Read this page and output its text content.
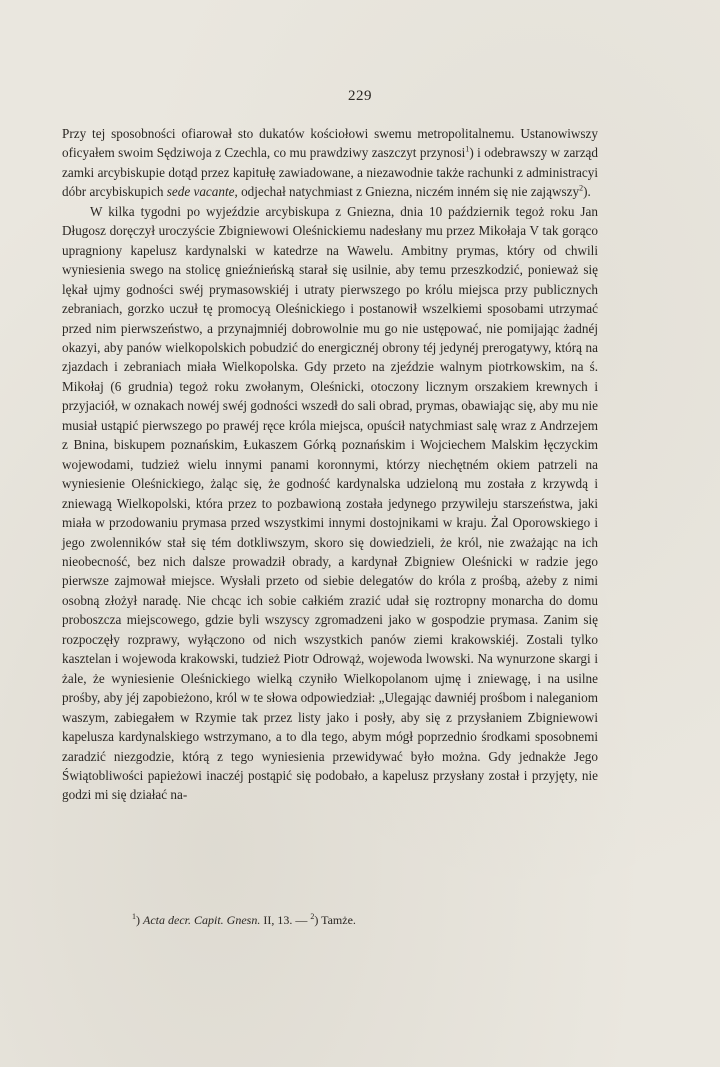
229

Przy tej sposobności ofiarował sto dukatów kościołowi swemu metropolitalnemu. Ustanowiwszy oficyałem swoim Sędziwoja z Czechla, co mu prawdziwy zaszczyt przynosi$^1$) i odebrawszy w zarząd zamki arcybiskupie dotąd przez kapitułę zawiadowane, a niezawodnie także rachunki z administracyi dóbr arcybiskupich sede vacante, odjechał natychmiast z Gniezna, niczém inném się nie zająwszy$^2$).

W kilka tygodni po wyjeździe arcybiskupa z Gniezna, dnia 10 październik tegoż roku Jan Długosz doręczył uroczyście Zbigniewowi Oleśnickiemu nadesłany mu przez Mikołaja V tak gorąco upragniony kapelusz kardynalski w katedrze na Wawelu. Ambitny prymas, który od chwili wyniesienia swego na stolicę gnieźnieńską starał się usilnie, aby temu przeszkodzić, ponieważ się lękał ujmy godności swéj prymasowskiéj i utraty pierwszego po królu miejsca przy publicznych zebraniach, gorzko uczuł tę promocyą Oleśnickiego i postanowił wszelkiemi sposobami utrzymać przed nim pierwszeństwo, a przynajmniéj dobrowolnie mu go nie ustępować, nie pomijając żadnéj okazyi, aby panów wielkopolskich pobudzić do energicznéj obrony téj jedynéj prerogatywy, którą na zjazdach i zebraniach miała Wielkopolska. Gdy przeto na zjeździe walnym piotrkowskim, na ś. Mikołaj (6 grudnia) tegoż roku zwołanym, Oleśnicki, otoczony licznym orszakiem krewnych i przyjaciół, w oznakach nowéj swéj godności wszedł do sali obrad, prymas, obawiając się, aby mu nie musiał ustąpić pierwszego po prawéj ręce króla miejsca, opuścił natychmiast salę wraz z Andrzejem z Bnina, biskupem poznańskim, Łukaszem Górką poznańskim i Wojciechem Malskim łęczyckim wojewodami, tudzież wielu innymi panami koronnymi, którzy niechętném okiem patrzeli na wyniesienie Oleśnickiego, żaląc się, że godność kardynalska udzieloną mu została z krzywdą i zniewagą Wielkopolski, która przez to pozbawioną została jedynego przywileju starszeństwa, jaki miała w przodowaniu prymasa przed wszystkimi innymi dostojnikami w kraju. Żal Oporowskiego i jego zwolenników stał się tém dotkliwszym, skoro się dowiedzieli, że król, nie zważając na ich nieobecność, bez nich dalsze prowadził obrady, a kardynał Zbigniew Oleśnicki w radzie jego pierwsze zajmował miejsce. Wysłali przeto od siebie delegatów do króla z prośbą, ażeby z nimi osobną złożył naradę. Nie chcąc ich sobie całkiém zrazić udał się roztropny monarcha do domu proboszcza miejscowego, gdzie byli wszyscy zgromadzeni jako w gospodzie prymasa. Zanim się rozpoczęły rozprawy, wyłączono od nich wszystkich panów ziemi krakowskiéj. Zostali tylko kasztelan i wojewoda krakowski, tudzież Piotr Odrowąż, wojewoda lwowski. Na wynurzone skargi i żale, że wyniesienie Oleśnickiego wielką czyniło Wielkopolanom ujmę i zniewagę, i na usilne prośby, aby jéj zapobieżono, król w te słowa odpowiedział: „Ulegając dawniéj prośbom i naleganiom waszym, zabiegałem w Rzymie tak przez listy jako i posły, aby się z przysłaniem Zbigniewowi kapelusza kardynalskiego wstrzymano, a to dla tego, abym mógł poprzednio środkami sposobnemi zaradzić niezgodzie, którą z tego wyniesienia przewidywać było można. Gdy jednakże Jego Świątobliwości papieżowi inaczéj postąpić się podobało, a kapelusz przysłany został i przyjęty, nie godzi mi się działać na-

$^1$) Acta decr. Capit. Gnesn. II, 13. — $^2$) Tamże.
